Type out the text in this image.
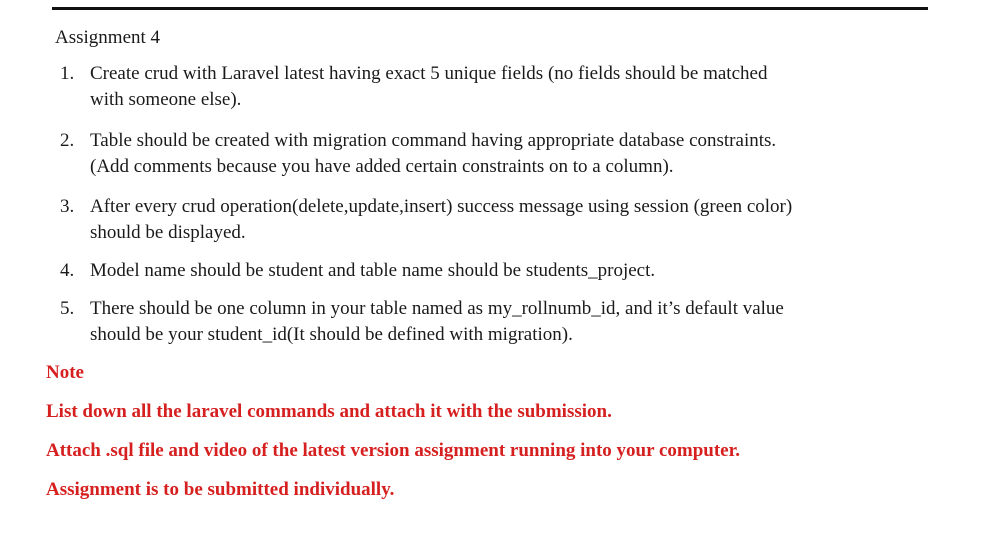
Assignment 4
1. Create crud with Laravel latest having exact 5 unique fields (no fields should be matched
with someone else).
2. Table should be created with migration command having appropriate database constraints.
(Add comments because you have added certain constraints on to a column).
3. After every crud operation(delete,update,insert) success message using session (green color)
should be displayed.
4. Model name should be student and table name should be students_project.
5. There should be one column in your table named as my_rollnumb_id, and it’s default value
should be your student_id(It should be defined with migration).
Note
List down all the laravel commands and attach it with the submission.
Attach .sql file and video of the latest version assignment running into your computer.
Assignment is to be submitted individually.
